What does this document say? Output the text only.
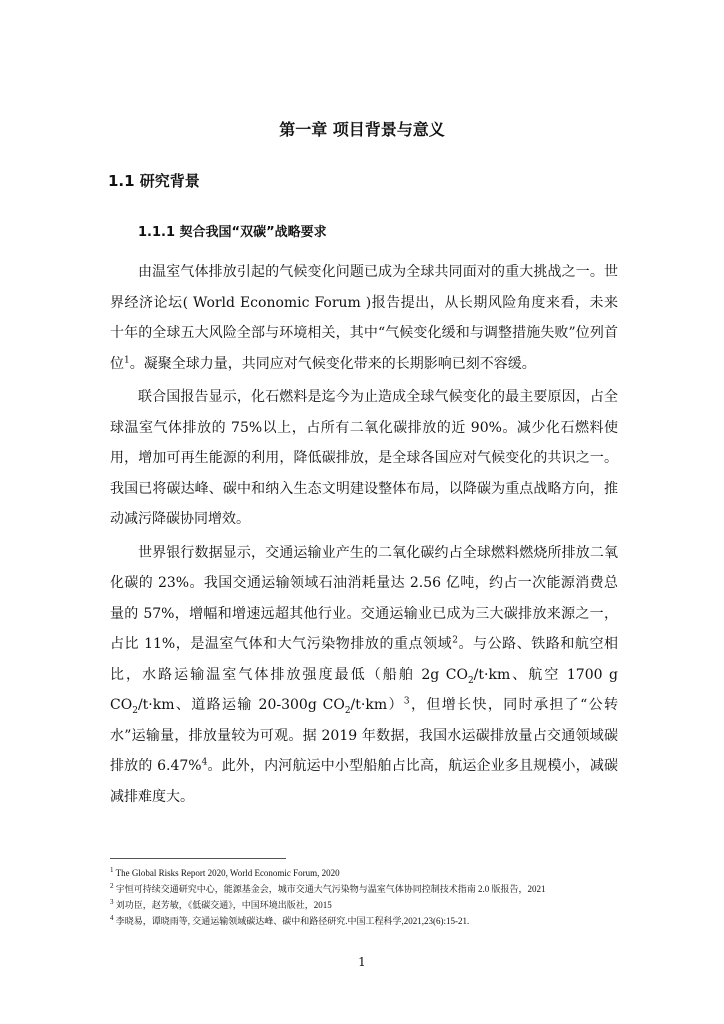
第一章 项目背景与意义
1.1 研究背景
1.1.1 契合我国“双碳”战略要求

由温室气体排放引起的气候变化问题已成为全球共同面对的重大挑战之一。世界经济论坛( World Economic Forum )报告提出，从长期风险角度来看，未来十年的全球五大风险全部与环境相关，其中“气候变化缓和与调整措施失败”位列首位$^1$。凝聚全球力量，共同应对气候变化带来的长期影响已刻不容缓。

联合国报告显示，化石燃料是迄今为止造成全球气候变化的最主要原因，占全球温室气体排放的 75%以上，占所有二氧化碳排放的近 90%。减少化石燃料使用，增加可再生能源的利用，降低碳排放，是全球各国应对气候变化的共识之一。我国已将碳达峰、碳中和纳入生态文明建设整体布局，以降碳为重点战略方向，推动减污降碳协同增效。

世界银行数据显示，交通运输业产生的二氧化碳约占全球燃料燃烧所排放二氧化碳的 23%。我国交通运输领域石油消耗量达 2.56 亿吨，约占一次能源消费总量的 57%，增幅和增速远超其他行业。交通运输业已成为三大碳排放来源之一，占比 11%，是温室气体和大气污染物排放的重点领域$^2$。与公路、铁路和航空相比，水路运输温室气体排放强度最低（船舶 2g $CO_2/t\cdot km$、航空 1700 g $CO_2/t\cdot km$、道路运输 20-300g $CO_2/t\cdot km)^3$，但增长快，同时承担了“公转水”运输量，排放量较为可观。据 2019 年数据，我国水运碳排放量占交通领域碳排放的 6.47%$^4$。此外，内河航运中小型船舶占比高，航运企业多且规模小，减碳减排难度大。

$^1$ The Global Risks Report 2020, World Economic Forum, 2020
$^2$ 宇恒可持续交通研究中心，能源基金会，城市交通大气污染物与温室气体协同控制技术指南 2.0 版报告，2021
$^3$ 刘功臣，赵芳敏，《低碳交通》，中国环境出版社，2015
$^4$ 李晓易，谭晓雨等, 交通运输领域碳达峰、碳中和路径研究.中国工程科学,2021,23(6):15-21.
1
